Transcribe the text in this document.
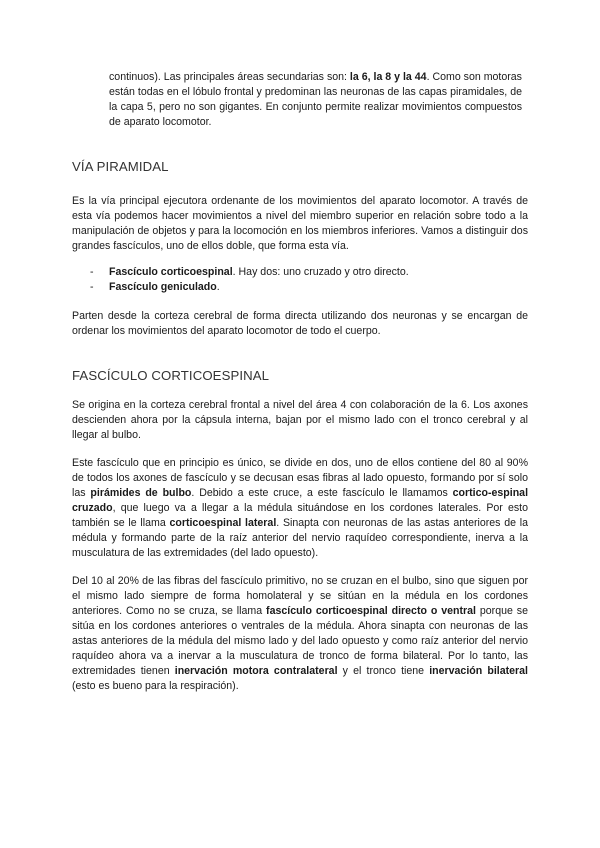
continuos). Las principales áreas secundarias son: la 6, la 8 y la 44. Como son motoras están todas en el lóbulo frontal y predominan las neuronas de las capas piramidales, de la capa 5, pero no son gigantes. En conjunto permite realizar movimientos compuestos de aparato locomotor.

VÍA PIRAMIDAL

Es la vía principal ejecutora ordenante de los movimientos del aparato locomotor. A través de esta vía podemos hacer movimientos a nivel del miembro superior en relación sobre todo a la manipulación de objetos y para la locomoción en los miembros inferiores. Vamos a distinguir dos grandes fascículos, uno de ellos doble, que forma esta vía.

- Fascículo corticoespinal. Hay dos: uno cruzado y otro directo.
- Fascículo geniculado.

Parten desde la corteza cerebral de forma directa utilizando dos neuronas y se encargan de ordenar los movimientos del aparato locomotor de todo el cuerpo.

FASCÍCULO CORTICOESPINAL

Se origina en la corteza cerebral frontal a nivel del área 4 con colaboración de la 6. Los axones descienden ahora por la cápsula interna, bajan por el mismo lado con el tronco cerebral y al llegar al bulbo.

Este fascículo que en principio es único, se divide en dos, uno de ellos contiene del 80 al 90% de todos los axones de fascículo y se decusan esas fibras al lado opuesto, formando por sí solo las pirámides de bulbo. Debido a este cruce, a este fascículo le llamamos cortico-espinal cruzado, que luego va a llegar a la médula situándose en los cordones laterales. Por esto también se le llama corticoespinal lateral. Sinapta con neuronas de las astas anteriores de la médula y formando parte de la raíz anterior del nervio raquídeo correspondiente, inerva a la musculatura de las extremidades (del lado opuesto).

Del 10 al 20% de las fibras del fascículo primitivo, no se cruzan en el bulbo, sino que siguen por el mismo lado siempre de forma homolateral y se sitúan en la médula en los cordones anteriores. Como no se cruza, se llama fascículo corticoespinal directo o ventral porque se sitúa en los cordones anteriores o ventrales de la médula. Ahora sinapta con neuronas de las astas anteriores de la médula del mismo lado y del lado opuesto y como raíz anterior del nervio raquídeo ahora va a inervar a la musculatura de tronco de forma bilateral. Por lo tanto, las extremidades tienen inervación motora contralateral y el tronco tiene inervación bilateral (esto es bueno para la respiración).
